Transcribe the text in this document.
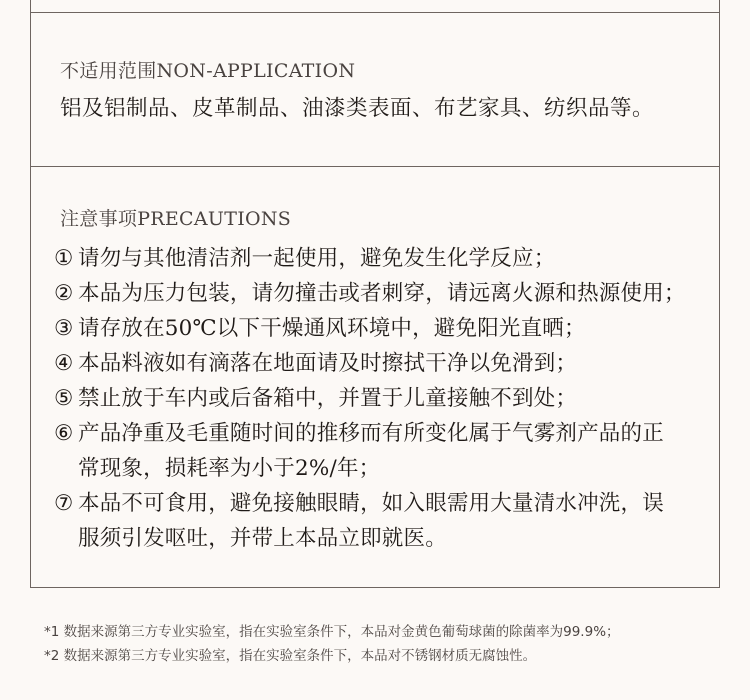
不适用范围NON-APPLICATION
铝及铝制品、皮革制品、油漆类表面、布艺家具、纺织品等。
注意事项PRECAUTIONS
① 请勿与其他清洁剂一起使用，避免发生化学反应；
② 本品为压力包装，请勿撞击或者刺穿，请远离火源和热源使用；
③ 请存放在50℃以下干燥通风环境中，避免阳光直晒；
④ 本品料液如有滴落在地面请及时擦拭干净以免滑到；
⑤ 禁止放于车内或后备箱中，并置于儿童接触不到处；
⑥ 产品净重及毛重随时间的推移而有所变化属于气雾剂产品的正
常现象，损耗率为小于2%/年；
⑦ 本品不可食用，避免接触眼睛，如入眼需用大量清水冲洗，误
服须引发呕吐，并带上本品立即就医。
*1 数据来源第三方专业实验室，指在实验室条件下，本品对金黄色葡萄球菌的除菌率为99.9%；
*2 数据来源第三方专业实验室，指在实验室条件下，本品对不锈钢材质无腐蚀性。
